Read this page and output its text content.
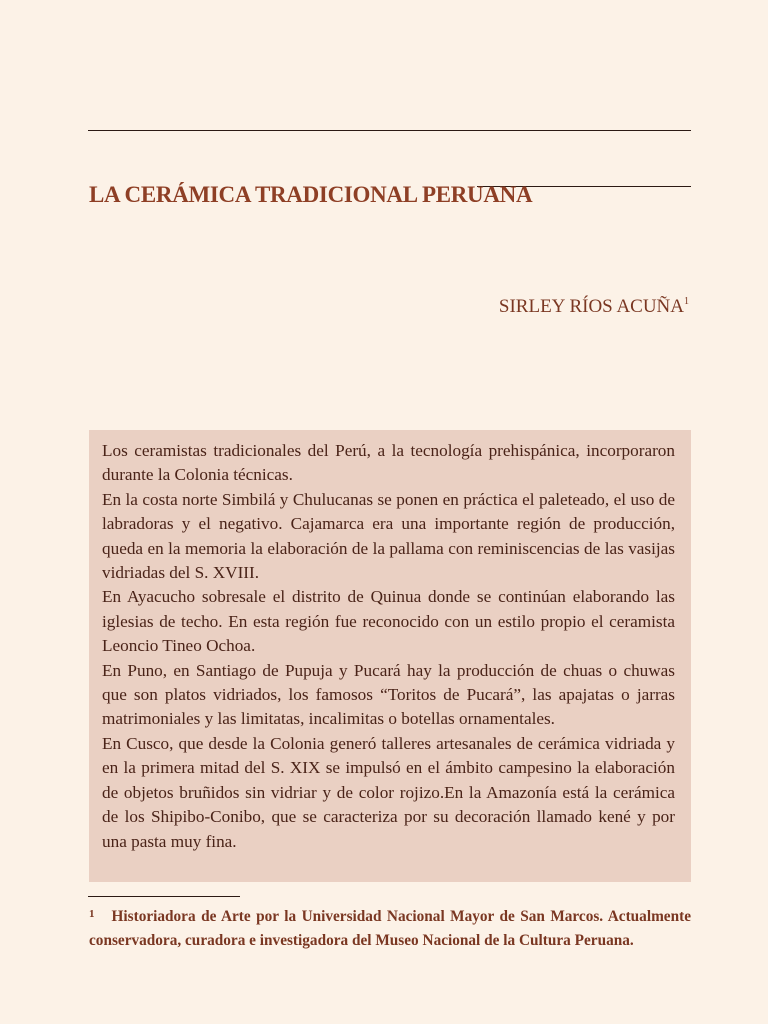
LA CERÁMICA TRADICIONAL PERUANA

SIRLEY RÍOS ACUÑA$^1$

Los ceramistas tradicionales del Perú, a la tecnología prehispánica, incorporaron durante la Colonia técnicas.

En la costa norte Simbilá y Chulucanas se ponen en práctica el paleteado, el uso de labradoras y el negativo. Cajamarca era una importante región de producción, queda en la memoria la elaboración de la pallama con reminiscencias de las vasijas vidriadas del S. XVIII.

En Ayacucho sobresale el distrito de Quinua donde se continúan elaborando las iglesias de techo. En esta región fue reconocido con un estilo propio el ceramista Leoncio Tineo Ochoa.

En Puno, en Santiago de Pupuja y Pucará hay la producción de chuas o chuwas que son platos vidriados, los famosos “Toritos de Pucará”, las apajatas o jarras matrimoniales y las limitatas, incalimitas o botellas ornamentales.

En Cusco, que desde la Colonia generó talleres artesanales de cerámica vidriada y en la primera mitad del S. XIX se impulsó en el ámbito campesino la elaboración de objetos bruñidos sin vidriar y de color rojizo.En la Amazonía está la cerámica de los Shipibo-Conibo, que se caracteriza por su decoración llamado kené y por una pasta muy fina.

$^1$ Historiadora de Arte por la Universidad Nacional Mayor de San Marcos. Actualmente conservadora, curadora e investigadora del Museo Nacional de la Cultura Peruana.
